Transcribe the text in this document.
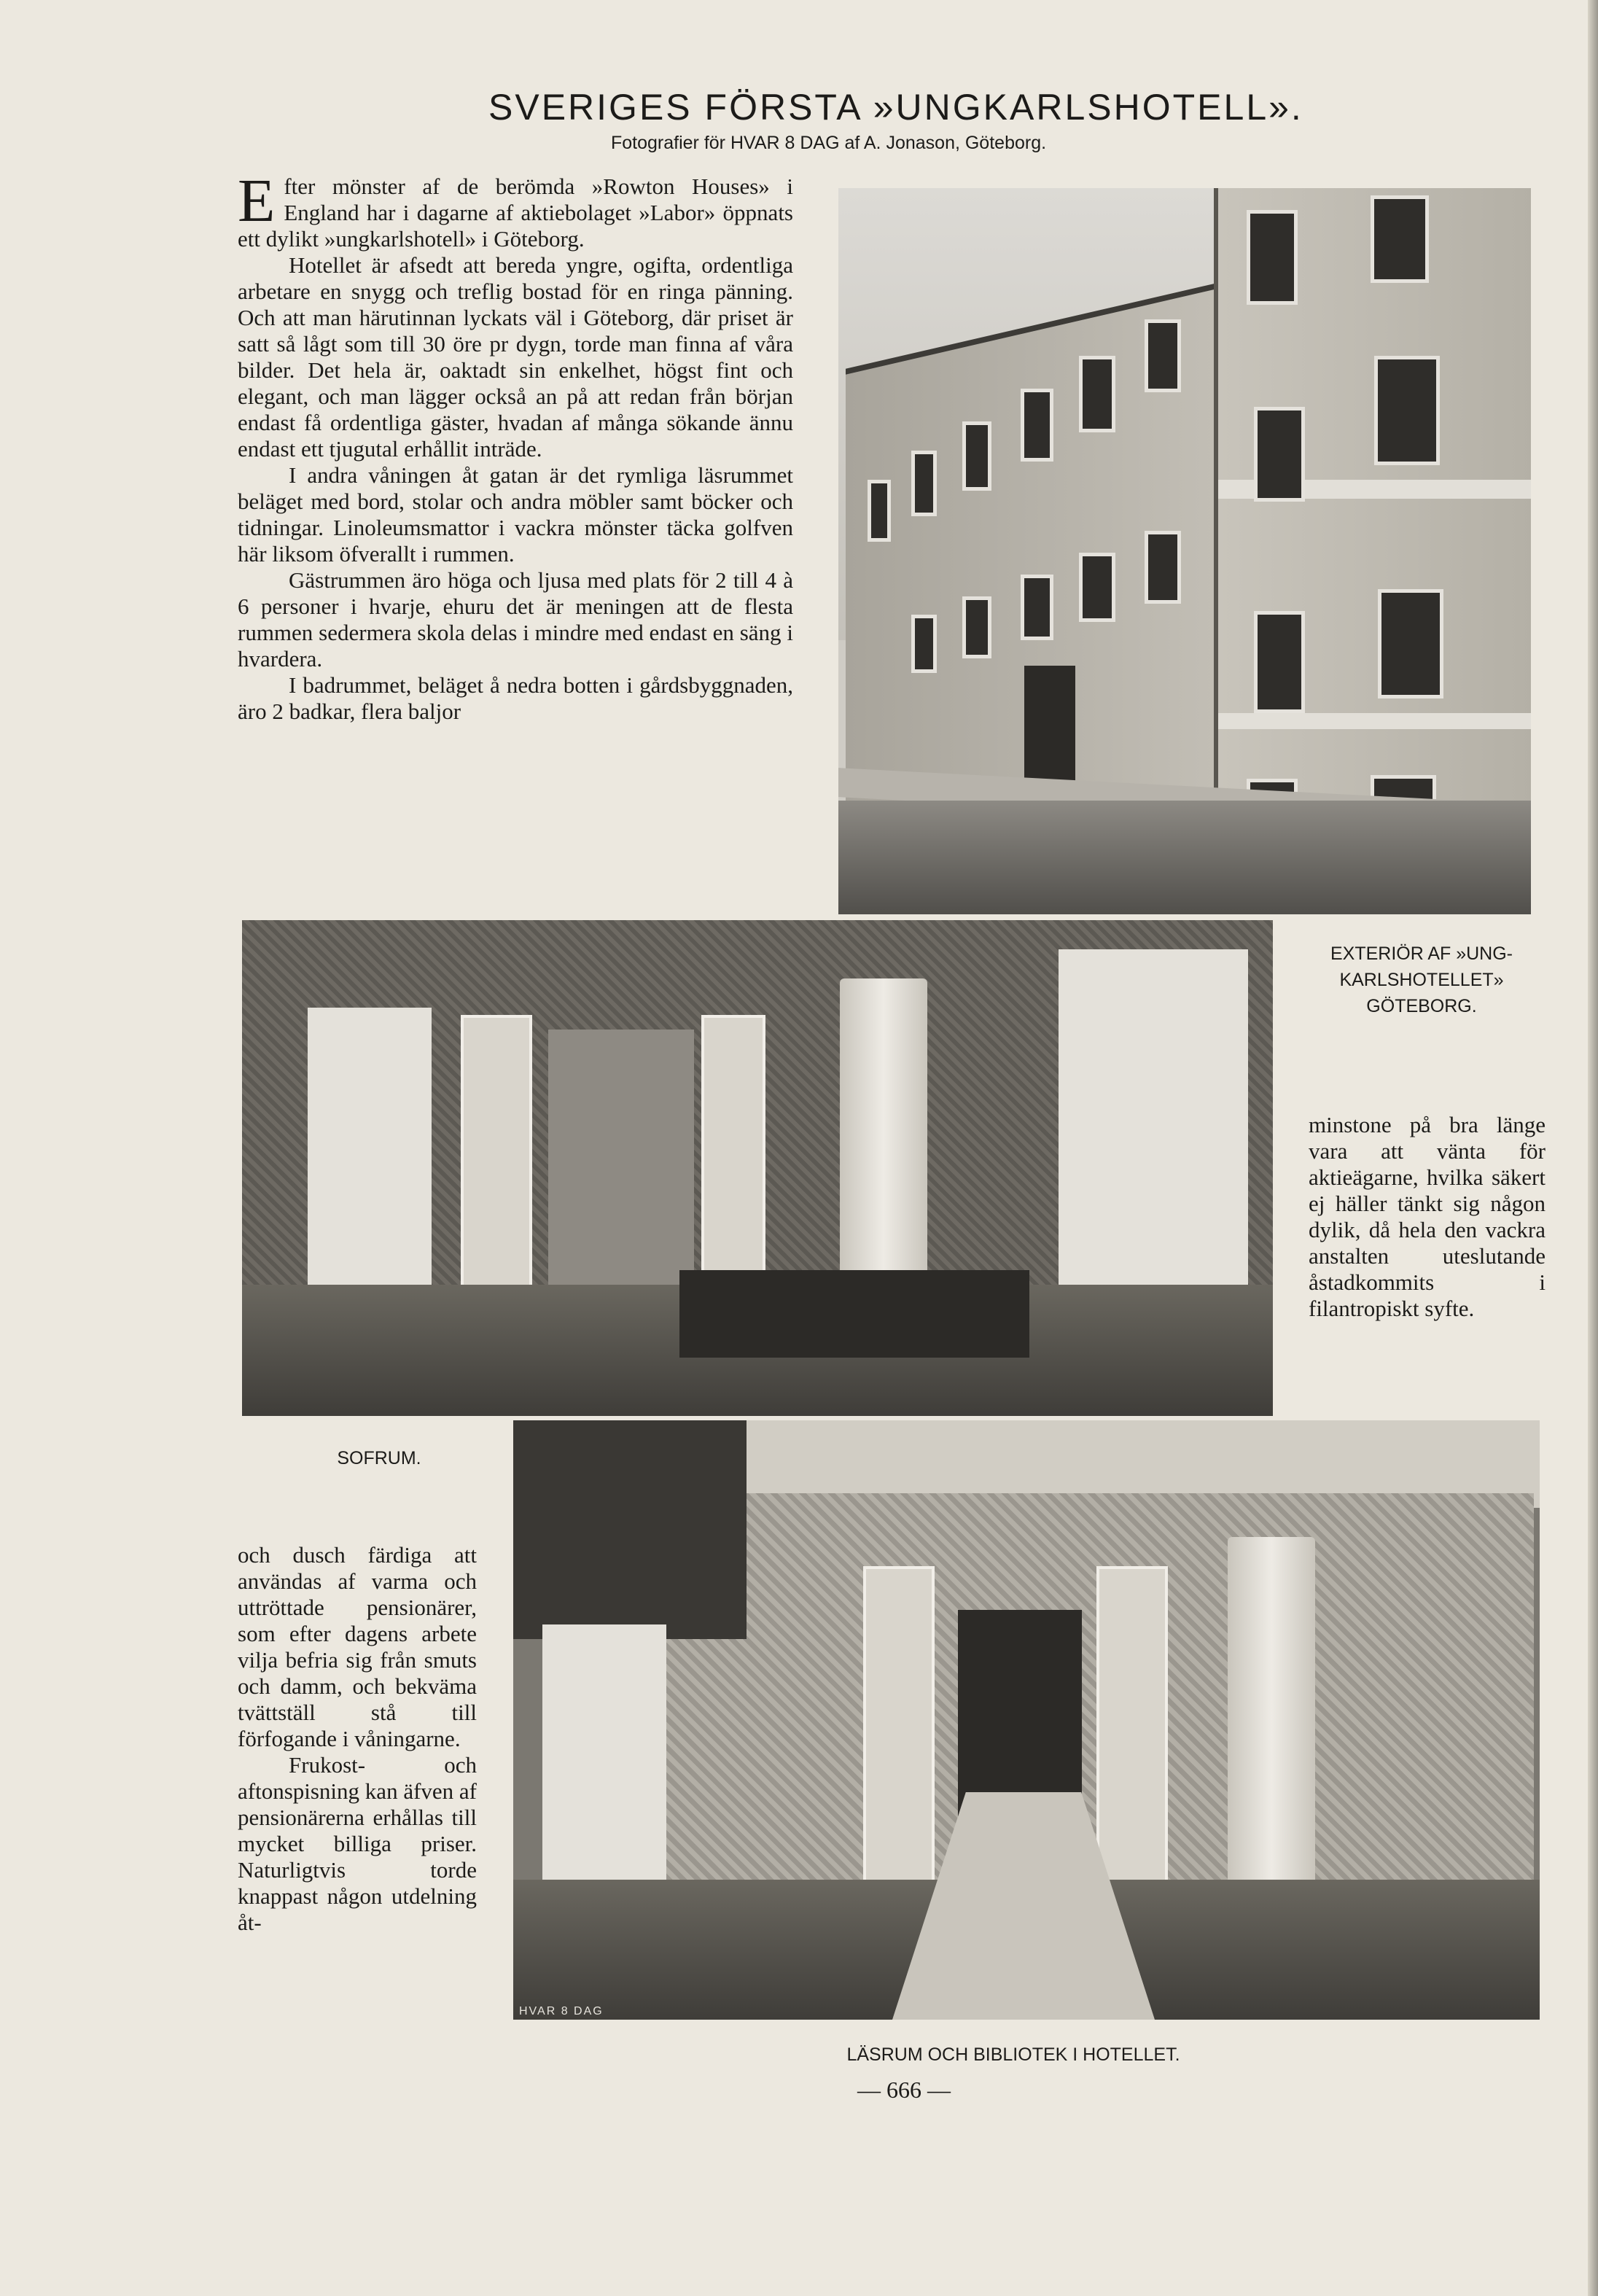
SVERIGES FÖRSTA »UNGKARLSHOTELL».
Fotografier för HVAR 8 DAG af A. Jonason, Göteborg.

Efter mönster af de berömda »Rowton Houses» i England har i dagarne af aktiebolaget »Labor» öppnats ett dylikt »ungkarlshotell» i Göteborg.

Hotellet är afsedt att bereda yngre, ogifta, ordentliga arbetare en snygg och treflig bostad för en ringa pänning. Och att man härutinnan lyckats väl i Göteborg, där priset är satt så lågt som till 30 öre pr dygn, torde man finna af våra bilder. Det hela är, oaktadt sin enkelhet, högst fint och elegant, och man lägger också an på att redan från början endast få ordentliga gäster, hvadan af många sökande ännu endast ett tjugutal erhållit inträde.

I andra våningen åt gatan är det rymliga läsrummet beläget med bord, stolar och andra möbler samt böcker och tidningar. Linoleumsmattor i vackra mönster täcka golfven här liksom öfverallt i rummen.

Gästrummen äro höga och ljusa med plats för 2 till 4 à 6 personer i hvarje, ehuru det är meningen att de flesta rummen sedermera skola delas i mindre med endast en säng i hvardera.

I badrummet, beläget å nedra botten i gårdsbyggnaden, äro 2 badkar, flera baljor

EXTERIÖR AF »UNG-
KARLSHOTELLET»
GÖTEBORG.
SOFRUM.

minstone på bra länge vara att vänta för aktieägarne, hvilka säkert ej häller tänkt sig någon dylik, då hela den vackra anstalten uteslutande åstadkommits i filantropiskt syfte.

och dusch färdiga att användas af varma och uttröttade pensionärer, som efter dagens arbete vilja befria sig från smuts och damm, och bekväma tvättställ stå till förfogande i våningarne.

Frukost- och aftonspisning kan äfven af pensionärerna erhållas till mycket billiga priser. Naturligtvis torde knappast någon utdelning åt-

HVAR 8 DAG
LÄSRUM OCH BIBLIOTEK I HOTELLET.
— 666 —
